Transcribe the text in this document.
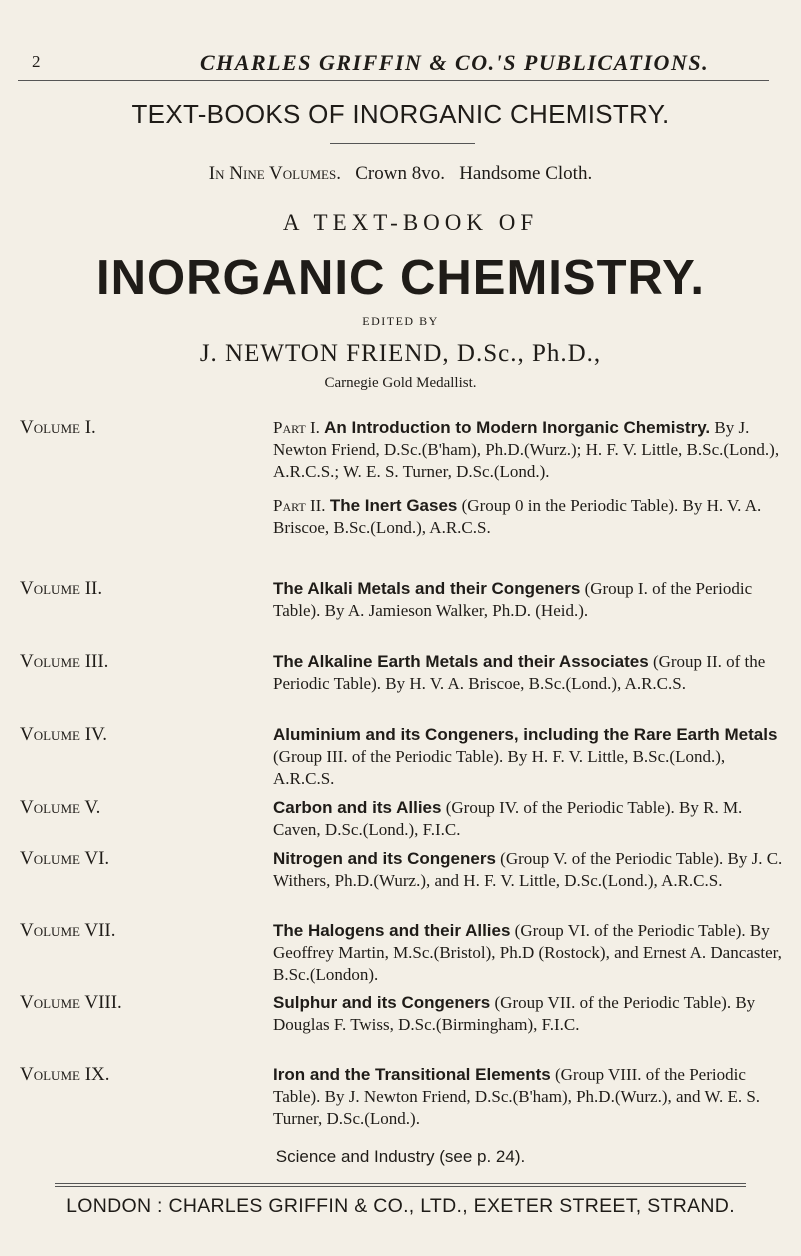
2	CHARLES GRIFFIN & CO.'S PUBLICATIONS.
TEXT-BOOKS OF INORGANIC CHEMISTRY.
In Nine Volumes. Crown 8vo. Handsome Cloth.
A TEXT-BOOK OF
INORGANIC CHEMISTRY.
EDITED BY
J. NEWTON FRIEND, D.Sc., Ph.D.,
Carnegie Gold Medallist.
Volume I.	Part I. An Introduction to Modern Inorganic Chemistry. By J. Newton Friend, D.Sc.(B'ham), Ph.D.(Wurz.); H. F. V. Little, B.Sc.(Lond.), A.R.C.S.; W. E. S. Turner, D.Sc.(Lond.).

Part II. The Inert Gases (Group 0 in the Periodic Table). By H. V. A. Briscoe, B.Sc.(Lond.), A.R.C.S.

Volume II.	The Alkali Metals and their Congeners (Group I. of the Periodic Table). By A. Jamieson Walker, Ph.D. (Heid.).
Volume III.	The Alkaline Earth Metals and their Associates (Group II. of the Periodic Table). By H. V. A. Briscoe, B.Sc.(Lond.), A.R.C.S.
Volume IV.	Aluminium and its Congeners, including the Rare Earth Metals (Group III. of the Periodic Table). By H. F. V. Little, B.Sc.(Lond.), A.R.C.S.
Volume V.	Carbon and its Allies (Group IV. of the Periodic Table). By R. M. Caven, D.Sc.(Lond.), F.I.C.
Volume VI.	Nitrogen and its Congeners (Group V. of the Periodic Table). By J. C. Withers, Ph.D.(Wurz.), and H. F. V. Little, D.Sc.(Lond.), A.R.C.S.
Volume VII.	The Halogens and their Allies (Group VI. of the Periodic Table). By Geoffrey Martin, M.Sc.(Bristol), Ph.D (Rostock), and Ernest A. Dancaster, B.Sc.(London).
Volume VIII.	Sulphur and its Congeners (Group VII. of the Periodic Table). By Douglas F. Twiss, D.Sc.(Birmingham), F.I.C.
Volume IX.	Iron and the Transitional Elements (Group VIII. of the Periodic Table). By J. Newton Friend, D.Sc.(B'ham), Ph.D.(Wurz.), and W. E. S. Turner, D.Sc.(Lond.).
Science and Industry (see p. 24).
LONDON : CHARLES GRIFFIN & CO., LTD., EXETER STREET, STRAND.
